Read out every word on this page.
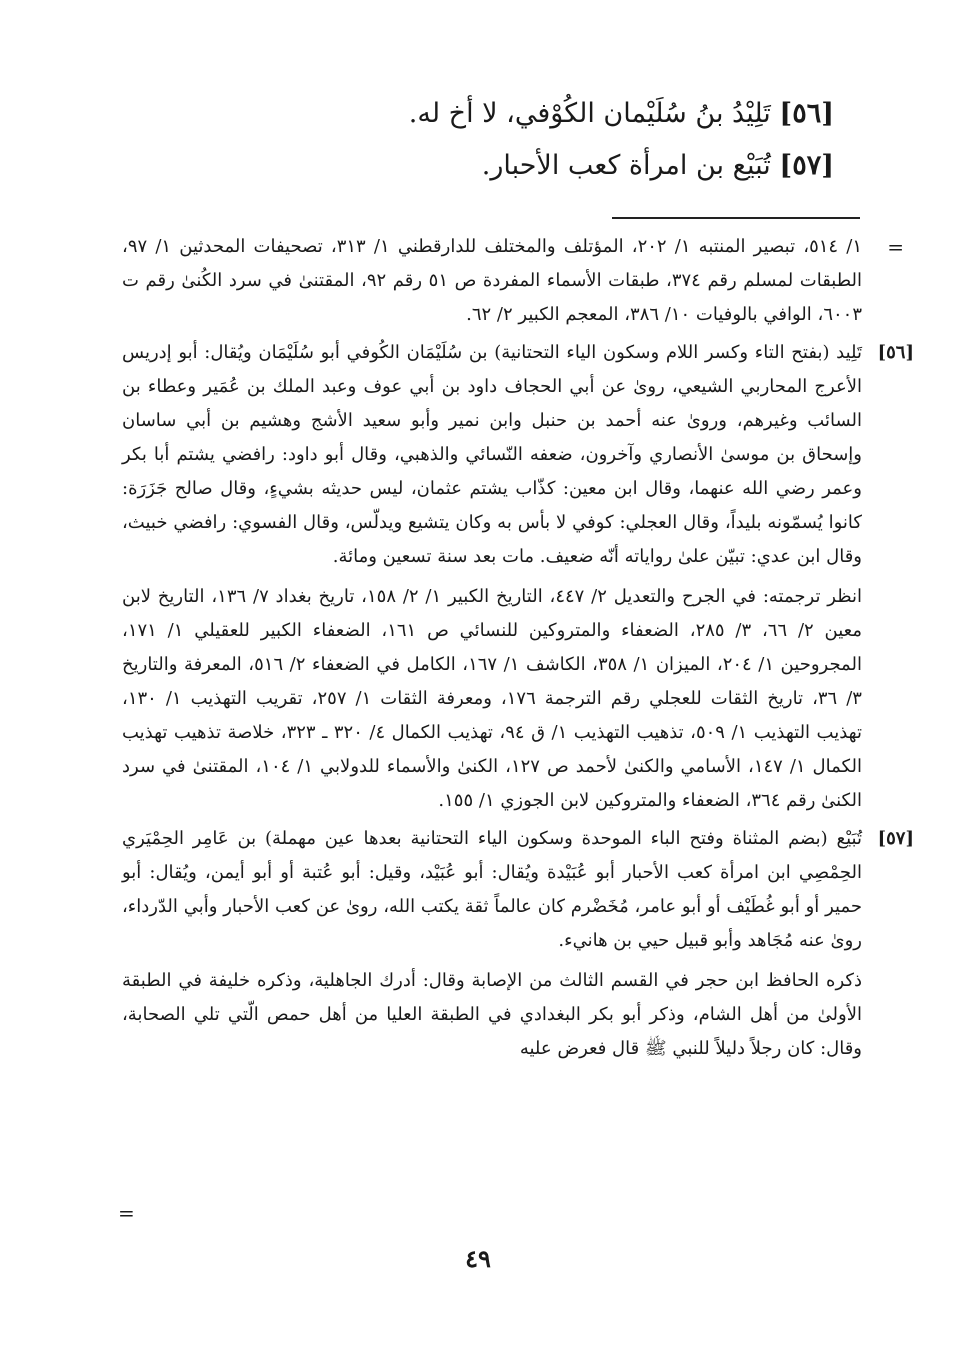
[٥٦] تَلِيْدُ بنُ سُلَيْمان الكُوْفي، لا أخ له.
[٥٧] تُبَيْع بن امرأة كعب الأحبار.
=

١/ ٥١٤، تبصير المنتبه ١/ ٢٠٢، المؤتلف والمختلف للدارقطني ١/ ٣١٣، تصحيفات المحدثين ١/ ٩٧، الطبقات لمسلم رقم ٣٧٤، طبقات الأسماء المفردة ص ٥١ رقم ٩٢، المقتنىٰ في سرد الكُنىٰ رقم ت ٦٠٠٣، الوافي بالوفيات ١٠/ ٣٨٦، المعجم الكبير ٢/ ٦٢.

[٥٦]

تَلِيد (بفتح التاء وكسر اللام وسكون الياء التحتانية) بن سُلَيْمَان الكُوفي أبو سُلَيْمَان ويُقال: أبو إدريس الأعرج المحاربي الشيعي، روىٰ عن أبي الحجاف داود بن أبي عوف وعبد الملك بن عُمَير وعطاء بن السائب وغيرهم، وروىٰ عنه أحمد بن حنبل وابن نمير وأبو سعيد الأشج وهشيم بن أبي ساسان وإسحاق بن موسىٰ الأنصاري وآخرون، ضعفه النّسائي والذهبي، وقال أبو داود: رافضي يشتم أبا بكر وعمر رضي الله عنهما، وقال ابن معين: كذّاب يشتم عثمان، ليس حديثه بشيءٍ، وقال صالح جَزَرَة: كانوا يُسمّونه بليداً، وقال العجلي: كوفي لا بأس به وكان يتشيع ويدلّس، وقال الفسوي: رافضي خبيث، وقال ابن عدي: تبيّن علىٰ رواياته أنّه ضعيف. مات بعد سنة تسعين ومائة.

انظر ترجمته: في الجرح والتعديل ٢/ ٤٤٧، التاريخ الكبير ١/ ٢/ ١٥٨، تاريخ بغداد ٧/ ١٣٦، التاريخ لابن معين ٢/ ٦٦، ٣/ ٢٨٥، الضعفاء والمتروكين للنسائي ص ١٦١، الضعفاء الكبير للعقيلي ١/ ١٧١، المجروحين ١/ ٢٠٤، الميزان ١/ ٣٥٨، الكاشف ١/ ١٦٧، الكامل في الضعفاء ٢/ ٥١٦، المعرفة والتاريخ ٣/ ٣٦، تاريخ الثقات للعجلي رقم الترجمة ١٧٦، ومعرفة الثقات ١/ ٢٥٧، تقريب التهذيب ١/ ١٣٠، تهذيب التهذيب ١/ ٥٠٩، تذهيب التهذيب ١/ ق ٩٤، تهذيب الكمال ٤/ ٣٢٠ ـ ٣٢٣، خلاصة تذهيب تهذيب الكمال ١/ ١٤٧، الأسامي والكنىٰ لأحمد ص ١٢٧، الكنىٰ والأسماء للدولابي ١/ ١٠٤، المقتنىٰ في سرد الكنىٰ رقم ٣٦٤، الضعفاء والمتروكين لابن الجوزي ١/ ١٥٥.

[٥٧]

تُبَيْع (بضم المثناة وفتح الباء الموحدة وسكون الياء التحتانية بعدها عين مهملة) بن عَامِر الحِمْيَري الحِمْصِي ابن امرأة كعب الأحبار أبو عُبَيْدة ويُقال: أبو عُبَيْد، وقيل: أبو عُتبة أو أبو أيمن، ويُقال: أبو حمير أو أبو غُطَيْف أو أبو عامر، مُخَضْرم كان عالماً ثقة يكتب الله، روىٰ عن كعب الأحبار وأبي الدّرداء، روىٰ عنه مُجَاهد وأبو قبيل حيي بن هانيء.

ذكره الحافظ ابن حجر في القسم الثالث من الإصابة وقال: أدرك الجاهلية، وذكره خليفة في الطبقة الأولىٰ من أهل الشام، وذكر أبو بكر البغدادي في الطبقة العليا من أهل حمص الّتي تلي الصحابة، وقال: كان رجلاً دليلاً للنبي ﷺ قال فعرض عليه

=
٤٩
